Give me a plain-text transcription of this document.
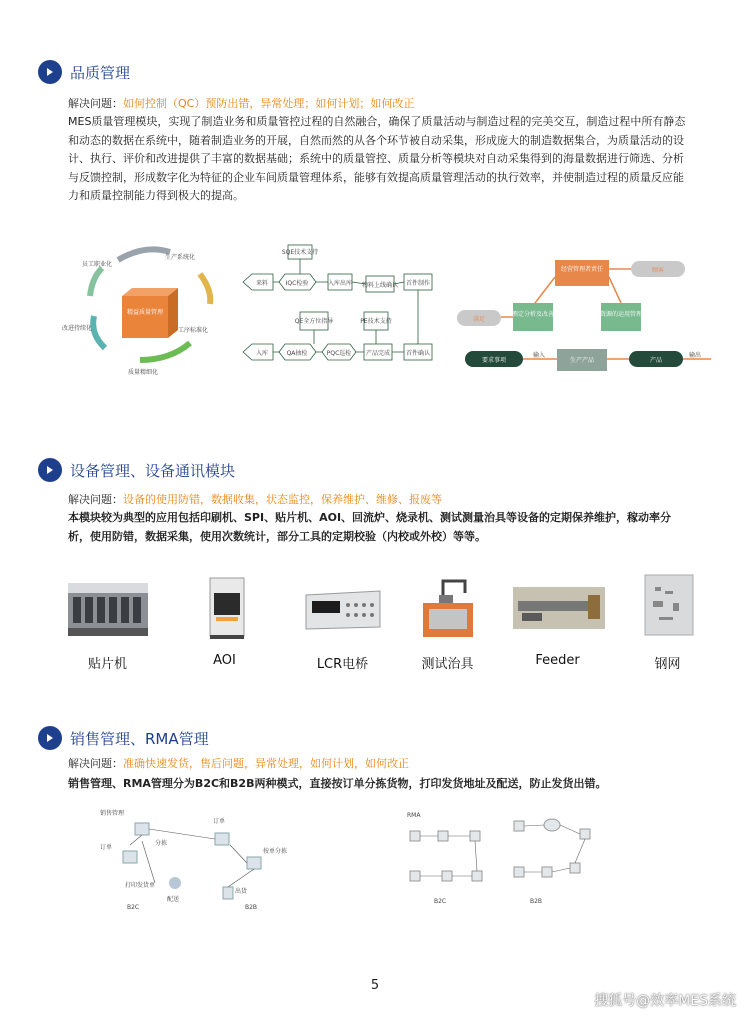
品质管理
解决问题：如何控制（QC）预防出错，异常处理；如何计划；如何改正
MES质量管理模块，实现了制造业务和质量管控过程的自然融合，确保了质量活动与制造过程的完美交互，制造过程中所有静态和动态的数据在系统中，随着制造业务的开展，自然而然的从各个环节被自动采集，形成庞大的制造数据集合，为质量活动的设计、执行、评价和改进提供了丰富的数据基础；系统中的质量管控、质量分析等模块对自动采集得到的海量数据进行筛选、分析与反馈控制，形成数字化为特征的企业车间质量管理体系，能够有效提高质量管理活动的执行效率，并使制造过程的质量反应能力和质量控制能力得到极大的提高。
精益质量管理
生产系统化
工序标准化
质量精细化
改进持续化
员工职业化
SQE技术支持
来料	IQC检验	入库出库 物料上线确认 首件制作
QE全方位指导	PE技术支持
入库	QA抽检	PQC巡检 产品完成	首件确认
经营管理者责任	顾客
满足
测定分析及改善	资源的运用管理
要求事项
输入
生产产品	产品
输出
设备管理、设备通讯模块
解决问题：设备的使用防错，数据收集，状态监控，保养维护、维修、报废等
本模块较为典型的应用包括印刷机、SPI、贴片机、AOI、回流炉、烧录机、测试测量治具等设备的定期保养维护，稼动率分析，使用防错，数据采集，使用次数统计，部分工具的定期校验（内校或外校）等等。
贴片机	AOI	LCR电桥	测试治具	Feeder	钢网
销售管理、RMA管理
解决问题：准确快速发货，售后问题，异常处理，如何计划，如何改正
销售管理、RMA管理分为B2C和B2B两种模式，直接按订单分拣货物，打印发货地址及配送，防止发货出错。
销售管理
订单
分拣
打印发货单
配送
B2C
订单
按单分拣
出货
B2B
RMA
B2C	B2B
5
搜狐号@效率MES系统
